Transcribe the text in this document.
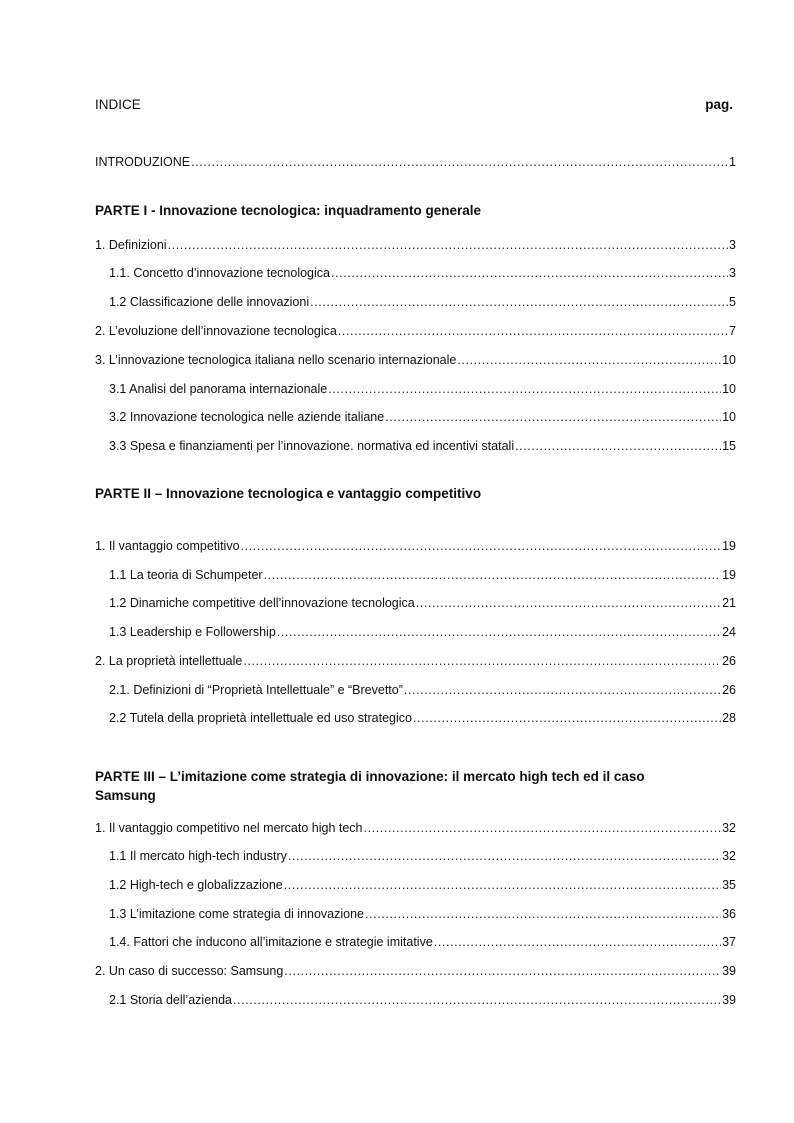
INDICE	pag.
INTRODUZIONE .....	1
PARTE I - Innovazione tecnologica: inquadramento generale
1. Definizioni .....	3
1.1. Concetto d’innovazione tecnologica .....	3
1.2 Classificazione delle innovazioni .....	5
2. L’evoluzione dell’innovazione tecnologica .....	7
3. L’innovazione tecnologica italiana nello scenario internazionale .....	10
3.1 Analisi del panorama internazionale .....	10
3.2 Innovazione tecnologica nelle aziende italiane .....	10
3.3 Spesa e finanziamenti per l’innovazione. normativa ed incentivi statali .....	15
PARTE II – Innovazione tecnologica e vantaggio competitivo
1. Il vantaggio competitivo .....	19
1.1 La teoria di Schumpeter .....	19
1.2 Dinamiche competitive dell’innovazione tecnologica .....	21
1.3 Leadership e Followership .....	24
2. La proprietà intellettuale .....	26
2.1. Definizioni di “Proprietà Intellettuale” e “Brevetto” .....	26
2.2 Tutela della proprietà intellettuale ed uso strategico .....	28
PARTE III – L’imitazione come strategia di innovazione: il mercato high tech ed il caso
Samsung
1. Il vantaggio competitivo nel mercato high tech .....	32
1.1 Il mercato high-tech industry .....	32
1.2 High-tech e globalizzazione .....	35
1.3 L’imitazione come strategia di innovazione .....	36
1.4. Fattori che inducono all’imitazione e strategie imitative .....	37
2. Un caso di successo: Samsung .....	39
2.1 Storia dell’azienda .....	39
